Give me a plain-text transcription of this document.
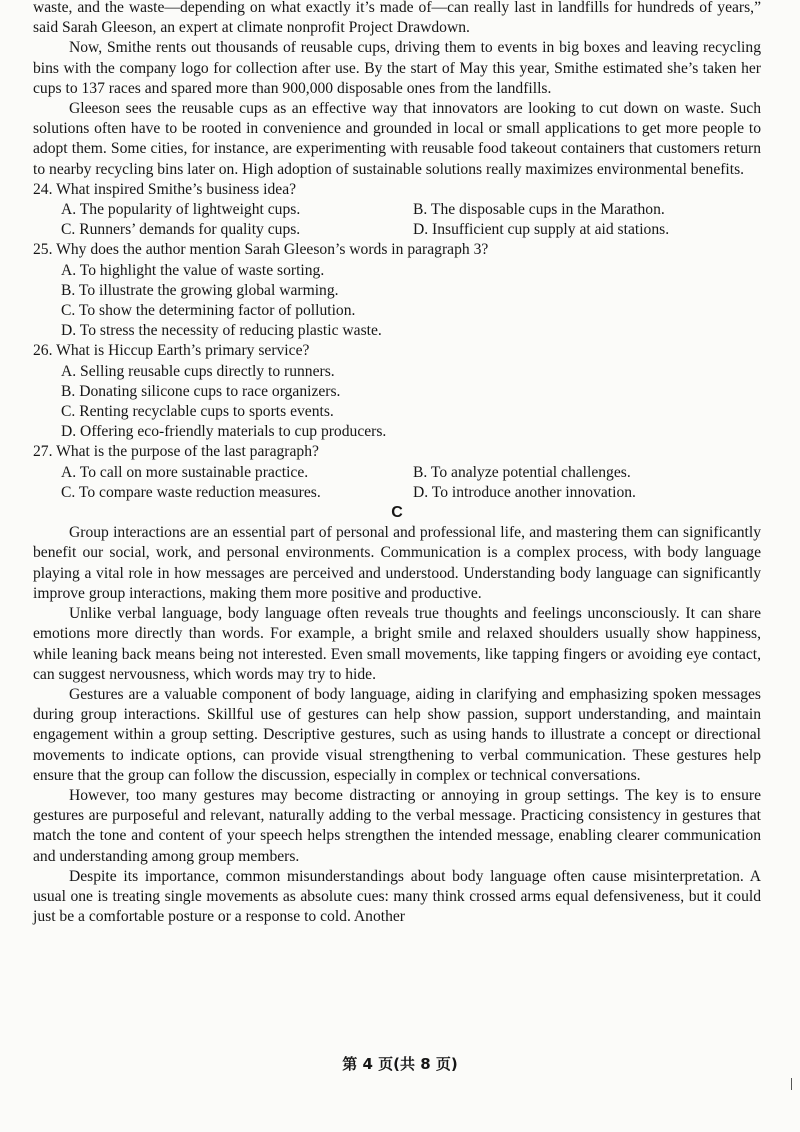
waste, and the waste—depending on what exactly it’s made of—can really last in landfills for hundreds of years,” said Sarah Gleeson, an expert at climate nonprofit Project Drawdown.

Now, Smithe rents out thousands of reusable cups, driving them to events in big boxes and leaving recycling bins with the company logo for collection after use. By the start of May this year, Smithe estimated she’s taken her cups to 137 races and spared more than 900,000 disposable ones from the landfills.

Gleeson sees the reusable cups as an effective way that innovators are looking to cut down on waste. Such solutions often have to be rooted in convenience and grounded in local or small applications to get more people to adopt them. Some cities, for instance, are experimenting with reusable food takeout containers that customers return to nearby recycling bins later on. High adoption of sustainable solutions really maximizes environmental benefits.

24. What inspired Smithe’s business idea?

A. The popularity of lightweight cups.	B. The disposable cups in the Marathon.

C. Runners’ demands for quality cups.	D. Insufficient cup supply at aid stations.

25. Why does the author mention Sarah Gleeson’s words in paragraph 3?

A. To highlight the value of waste sorting.

B. To illustrate the growing global warming.

C. To show the determining factor of pollution.

D. To stress the necessity of reducing plastic waste.

26. What is Hiccup Earth’s primary service?

A. Selling reusable cups directly to runners.

B. Donating silicone cups to race organizers.

C. Renting recyclable cups to sports events.

D. Offering eco-friendly materials to cup producers.

27. What is the purpose of the last paragraph?

A. To call on more sustainable practice.	B. To analyze potential challenges.

C. To compare waste reduction measures.	D. To introduce another innovation.

C

Group interactions are an essential part of personal and professional life, and mastering them can significantly benefit our social, work, and personal environments. Communication is a complex process, with body language playing a vital role in how messages are perceived and understood. Understanding body language can significantly improve group interactions, making them more positive and productive.

Unlike verbal language, body language often reveals true thoughts and feelings unconsciously. It can share emotions more directly than words. For example, a bright smile and relaxed shoulders usually show happiness, while leaning back means being not interested. Even small movements, like tapping fingers or avoiding eye contact, can suggest nervousness, which words may try to hide.

Gestures are a valuable component of body language, aiding in clarifying and emphasizing spoken messages during group interactions. Skillful use of gestures can help show passion, support understanding, and maintain engagement within a group setting. Descriptive gestures, such as using hands to illustrate a concept or directional movements to indicate options, can provide visual strengthening to verbal communication. These gestures help ensure that the group can follow the discussion, especially in complex or technical conversations.

However, too many gestures may become distracting or annoying in group settings. The key is to ensure gestures are purposeful and relevant, naturally adding to the verbal message. Practicing consistency in gestures that match the tone and content of your speech helps strengthen the intended message, enabling clearer communication and understanding among group members.

Despite its importance, common misunderstandings about body language often cause misinterpretation. A usual one is treating single movements as absolute cues: many think crossed arms equal defensiveness, but it could just be a comfortable posture or a response to cold. Another

第 4 页(共 8 页)
